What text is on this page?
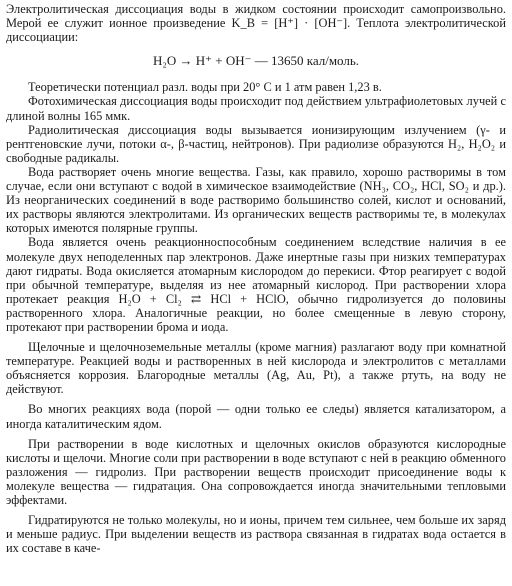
Электролитическая диссоциация воды в жидком состоянии происходит самопроизвольно. Мерой ее служит ионное произведение K_B = [H⁺] · [OH⁻]. Теплота электролитической диссоциации:

H₂O → H⁺ + OH⁻ — 13650 кал/моль.

Теоретически потенциал разл. воды при 20° С и 1 атм равен 1,23 в.

Фотохимическая диссоциация воды происходит под действием ультрафиолетовых лучей с длиной волны 165 ммк.

Радиолитическая диссоциация воды вызывается ионизирующим излучением (γ- и рентгеновские лучи, потоки α-, β-частиц, нейтронов). При радиолизе образуются H₂, H₂O₂ и свободные радикалы.

Вода растворяет очень многие вещества. Газы, как правило, хорошо растворимы в том случае, если они вступают с водой в химическое взаимодействие (NH₃, CO₂, HCl, SO₂ и др.). Из неорганических соединений в воде растворимо большинство солей, кислот и оснований, их растворы являются электролитами. Из органических веществ растворимы те, в молекулах которых имеются полярные группы.

Вода является очень реакционноспособным соединением вследствие наличия в ее молекуле двух неподеленных пар электронов. Даже инертные газы при низких температурах дают гидраты. Вода окисляется атомарным кислородом до перекиси. Фтор реагирует с водой при обычной температуре, выделяя из нее атомарный кислород. При растворении хлора протекает реакция H₂O + Cl₂ ⇄ HCl + HClO, обычно гидролизуется до половины растворенного хлора. Аналогичные реакции, но более смещенные в левую сторону, протекают при растворении брома и иода.

Щелочные и щелочноземельные металлы (кроме магния) разлагают воду при комнатной температуре. Реакцией воды и растворенных в ней кислорода и электролитов с металлами объясняется коррозия. Благородные металлы (Ag, Au, Pt), а также ртуть, на воду не действуют.

Во многих реакциях вода (порой — одни только ее следы) является катализатором, а иногда каталитическим ядом.

При растворении в воде кислотных и щелочных окислов образуются кислородные кислоты и щелочи. Многие соли при растворении в воде вступают с ней в реакцию обменного разложения — гидролиз. При растворении веществ происходит присоединение воды к молекуле вещества — гидратация. Она сопровождается иногда значительными тепловыми эффектами.

Гидратируются не только молекулы, но и ионы, причем тем сильнее, чем больше их заряд и меньше радиус. При выделении веществ из раствора связанная в гидратах вода остается в их составе в каче-
